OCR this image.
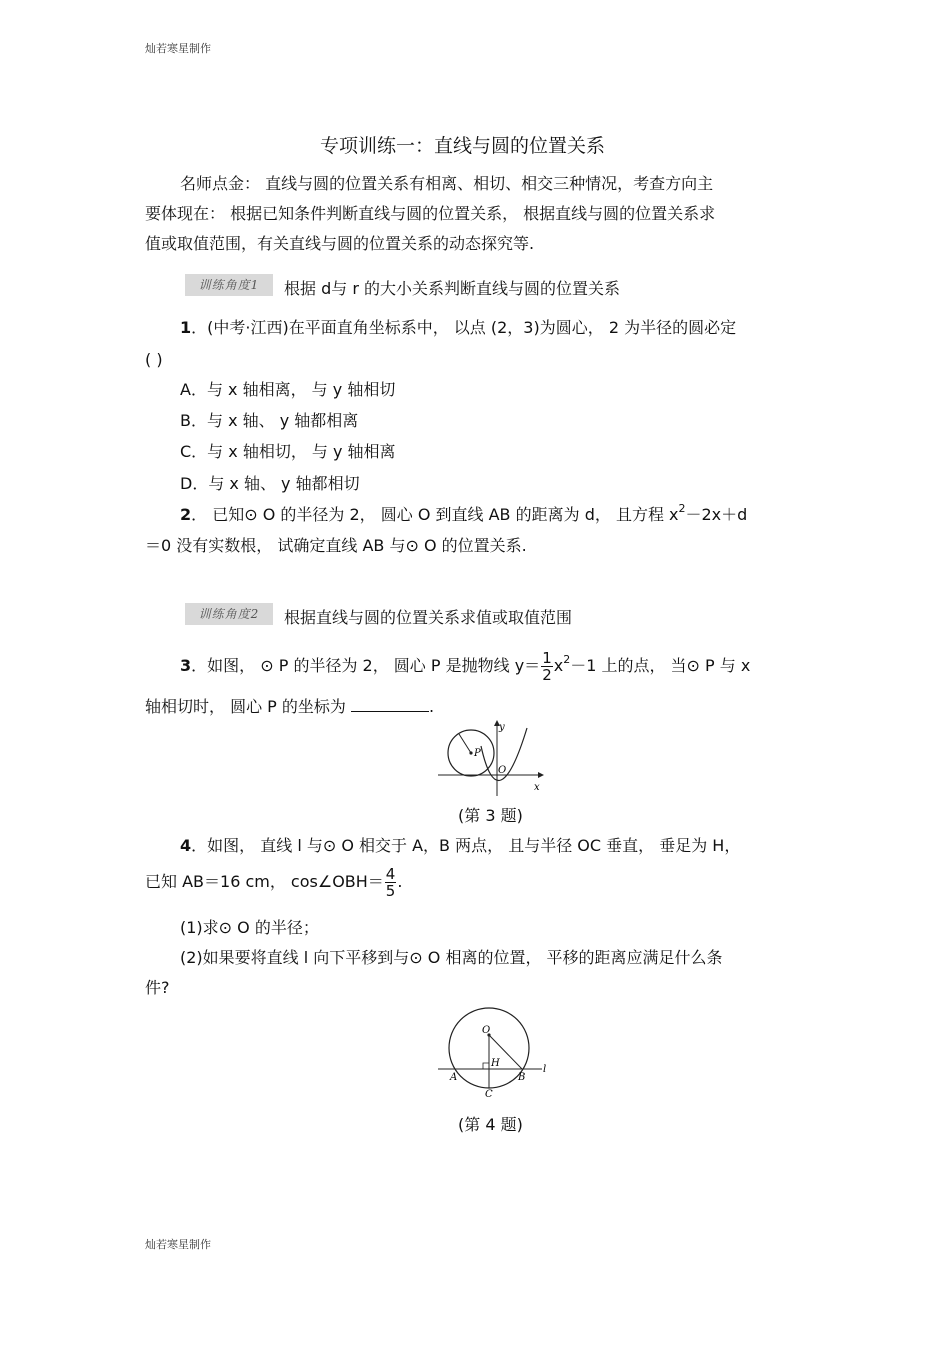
灿若寒星制作
灿若寒星制作
专项训练一：直线与圆的位置关系
名师点金： 直线与圆的位置关系有相离、相切、相交三种情况，考查方向主
要体现在： 根据已知条件判断直线与圆的位置关系， 根据直线与圆的位置关系求
值或取值范围，有关直线与圆的位置关系的动态探究等.
训练角度1	根据 d与 r 的大小关系判断直线与圆的位置关系
1．(中考·江西)在平面直角坐标系中， 以点 (2，3)为圆心， 2 为半径的圆必定
( )
A．与 x 轴相离， 与 y 轴相切
B．与 x 轴、 y 轴都相离
C．与 x 轴相切， 与 y 轴相离
D．与 x 轴、 y 轴都相切
2． 已知⊙ O 的半径为 2， 圆心 O 到直线 AB 的距离为 d， 且方程 $x^2-2x+d$
＝0 没有实数根， 试确定直线 AB 与⊙ O 的位置关系.
训练角度2	根据直线与圆的位置关系求值或取值范围
3．如图， ⊙ P 的半径为 2， 圆心 P 是抛物线 $y= \frac{1}{2} x^2-1$ 上的点， 当⊙ P 与 x
轴相切时， 圆心 P 的坐标为	.
P
y
O
x
(第 3 题)
4．如图， 直线 l 与⊙ O 相交于 A，B 两点， 且与半径 OC 垂直， 垂足为 H，
已知 AB＝16 cm， cos∠OBH＝ $\frac{4}{5}$ .
(1)求⊙ O 的半径；
(2)如果要将直线 l 向下平移到与⊙ O 相离的位置， 平移的距离应满足什么条
件?
O
H
A	B
C
l
(第 4 题)
